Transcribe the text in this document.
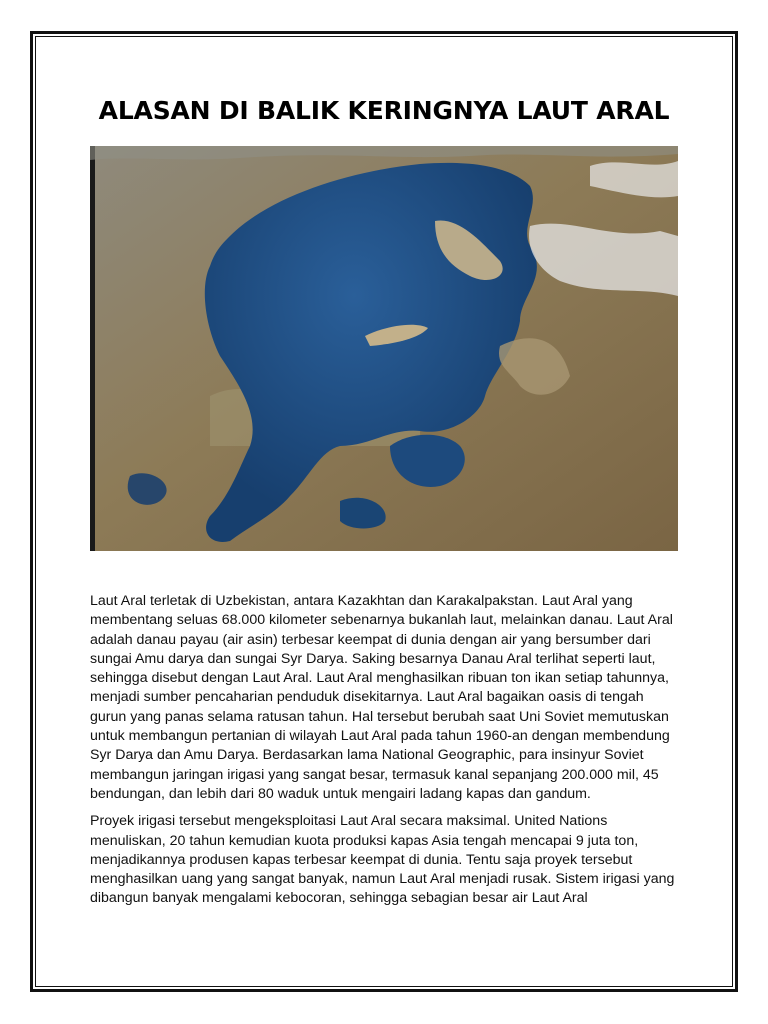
ALASAN DI BALIK KERINGNYA LAUT ARAL

Laut Aral terletak di Uzbekistan, antara Kazakhtan dan Karakalpakstan. Laut Aral yang membentang seluas 68.000 kilometer sebenarnya bukanlah laut, melainkan danau. Laut Aral adalah danau payau (air asin) terbesar keempat di dunia dengan air yang bersumber dari sungai Amu darya dan sungai Syr Darya. Saking besarnya Danau Aral terlihat seperti laut, sehingga disebut dengan Laut Aral. Laut Aral menghasilkan ribuan ton ikan setiap tahunnya, menjadi sumber pencaharian penduduk disekitarnya. Laut Aral bagaikan oasis di tengah gurun yang panas selama ratusan tahun. Hal tersebut berubah saat Uni Soviet memutuskan untuk membangun pertanian di wilayah Laut Aral pada tahun 1960-an dengan membendung Syr Darya dan Amu Darya. Berdasarkan lama National Geographic, para insinyur Soviet membangun jaringan irigasi yang sangat besar, termasuk kanal sepanjang 200.000 mil, 45 bendungan, dan lebih dari 80 waduk untuk mengairi ladang kapas dan gandum.

Proyek irigasi tersebut mengeksploitasi Laut Aral secara maksimal. United Nations menuliskan, 20 tahun kemudian kuota produksi kapas Asia tengah mencapai 9 juta ton, menjadikannya produsen kapas terbesar keempat di dunia. Tentu saja proyek tersebut menghasilkan uang yang sangat banyak, namun Laut Aral menjadi rusak. Sistem irigasi yang dibangun banyak mengalami kebocoran, sehingga sebagian besar air Laut Aral
